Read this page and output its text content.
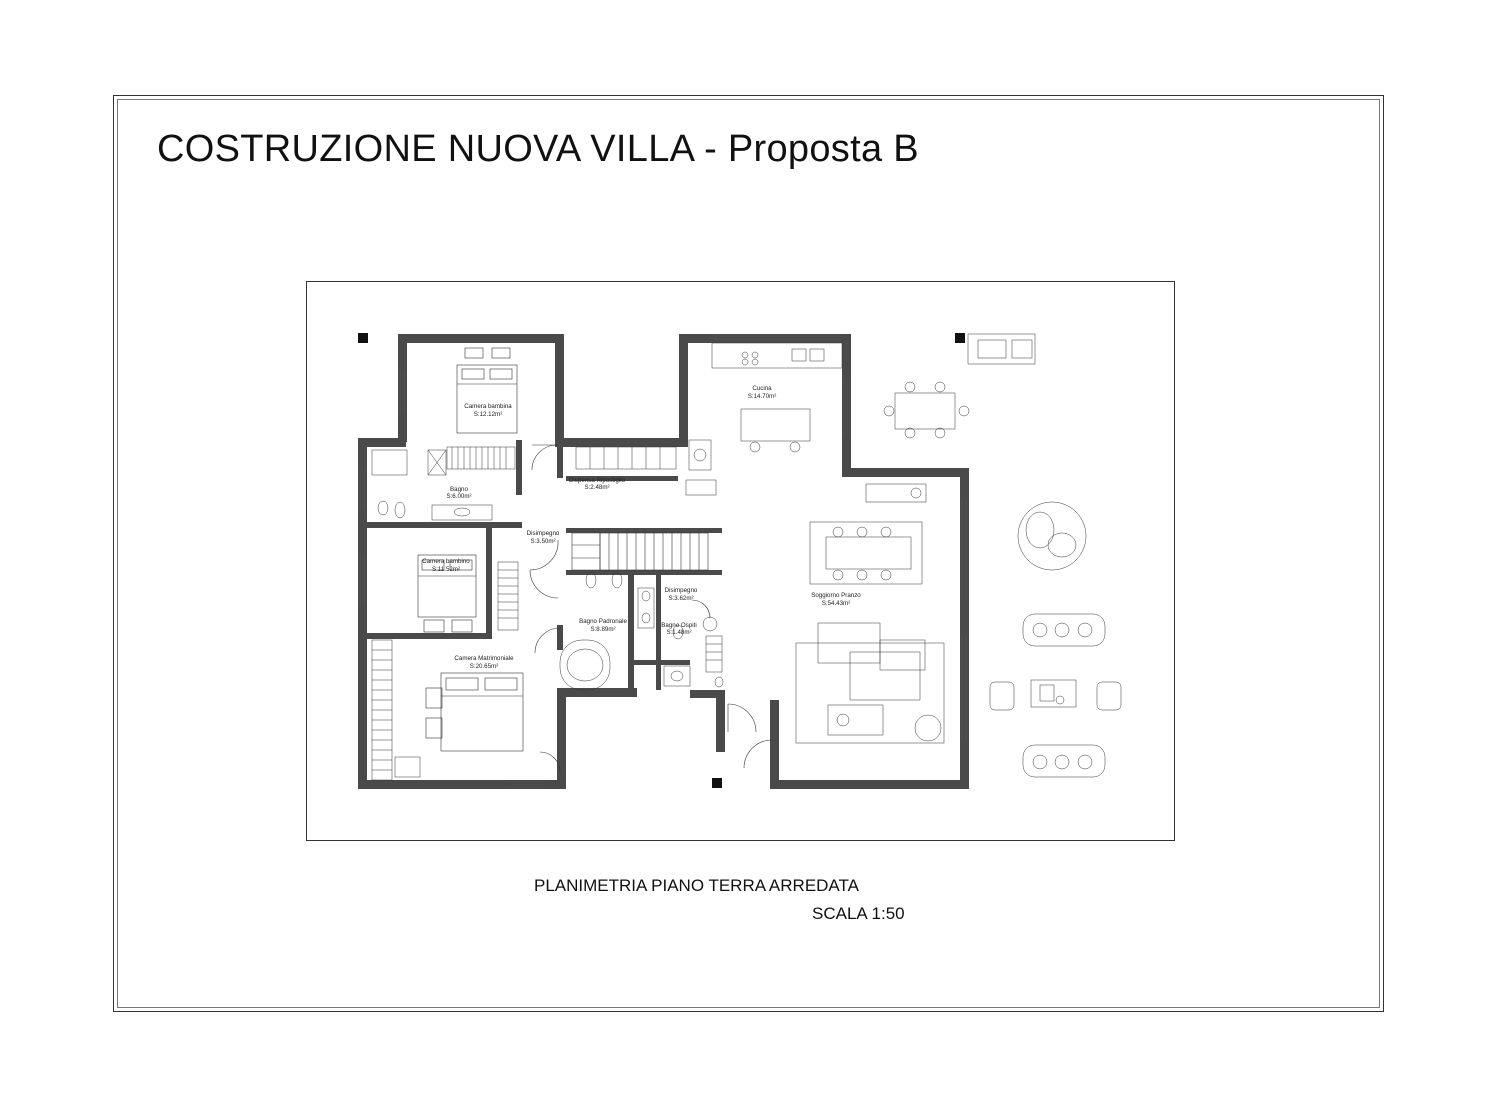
COSTRUZIONE NUOVA VILLA - Proposta B
Camera bambina
S:12.12m²
Bagno
S:6.00m²
Camera bambino
S:11.52m²
Camera Matrimoniale
S:20.65m²
Disimpegno
S:3.50m²
Dispensa Ripostiglio
S:2.48m²
Cucina
S:14.70m²
Bagno Padronale
S:8.89m²
Disimpegno
S:3.62m²
Bagno Ospiti
S:1.48m²
Soggiorno Pranzo
S:54.43m²
PLANIMETRIA PIANO TERRA ARREDATA
SCALA 1:50
